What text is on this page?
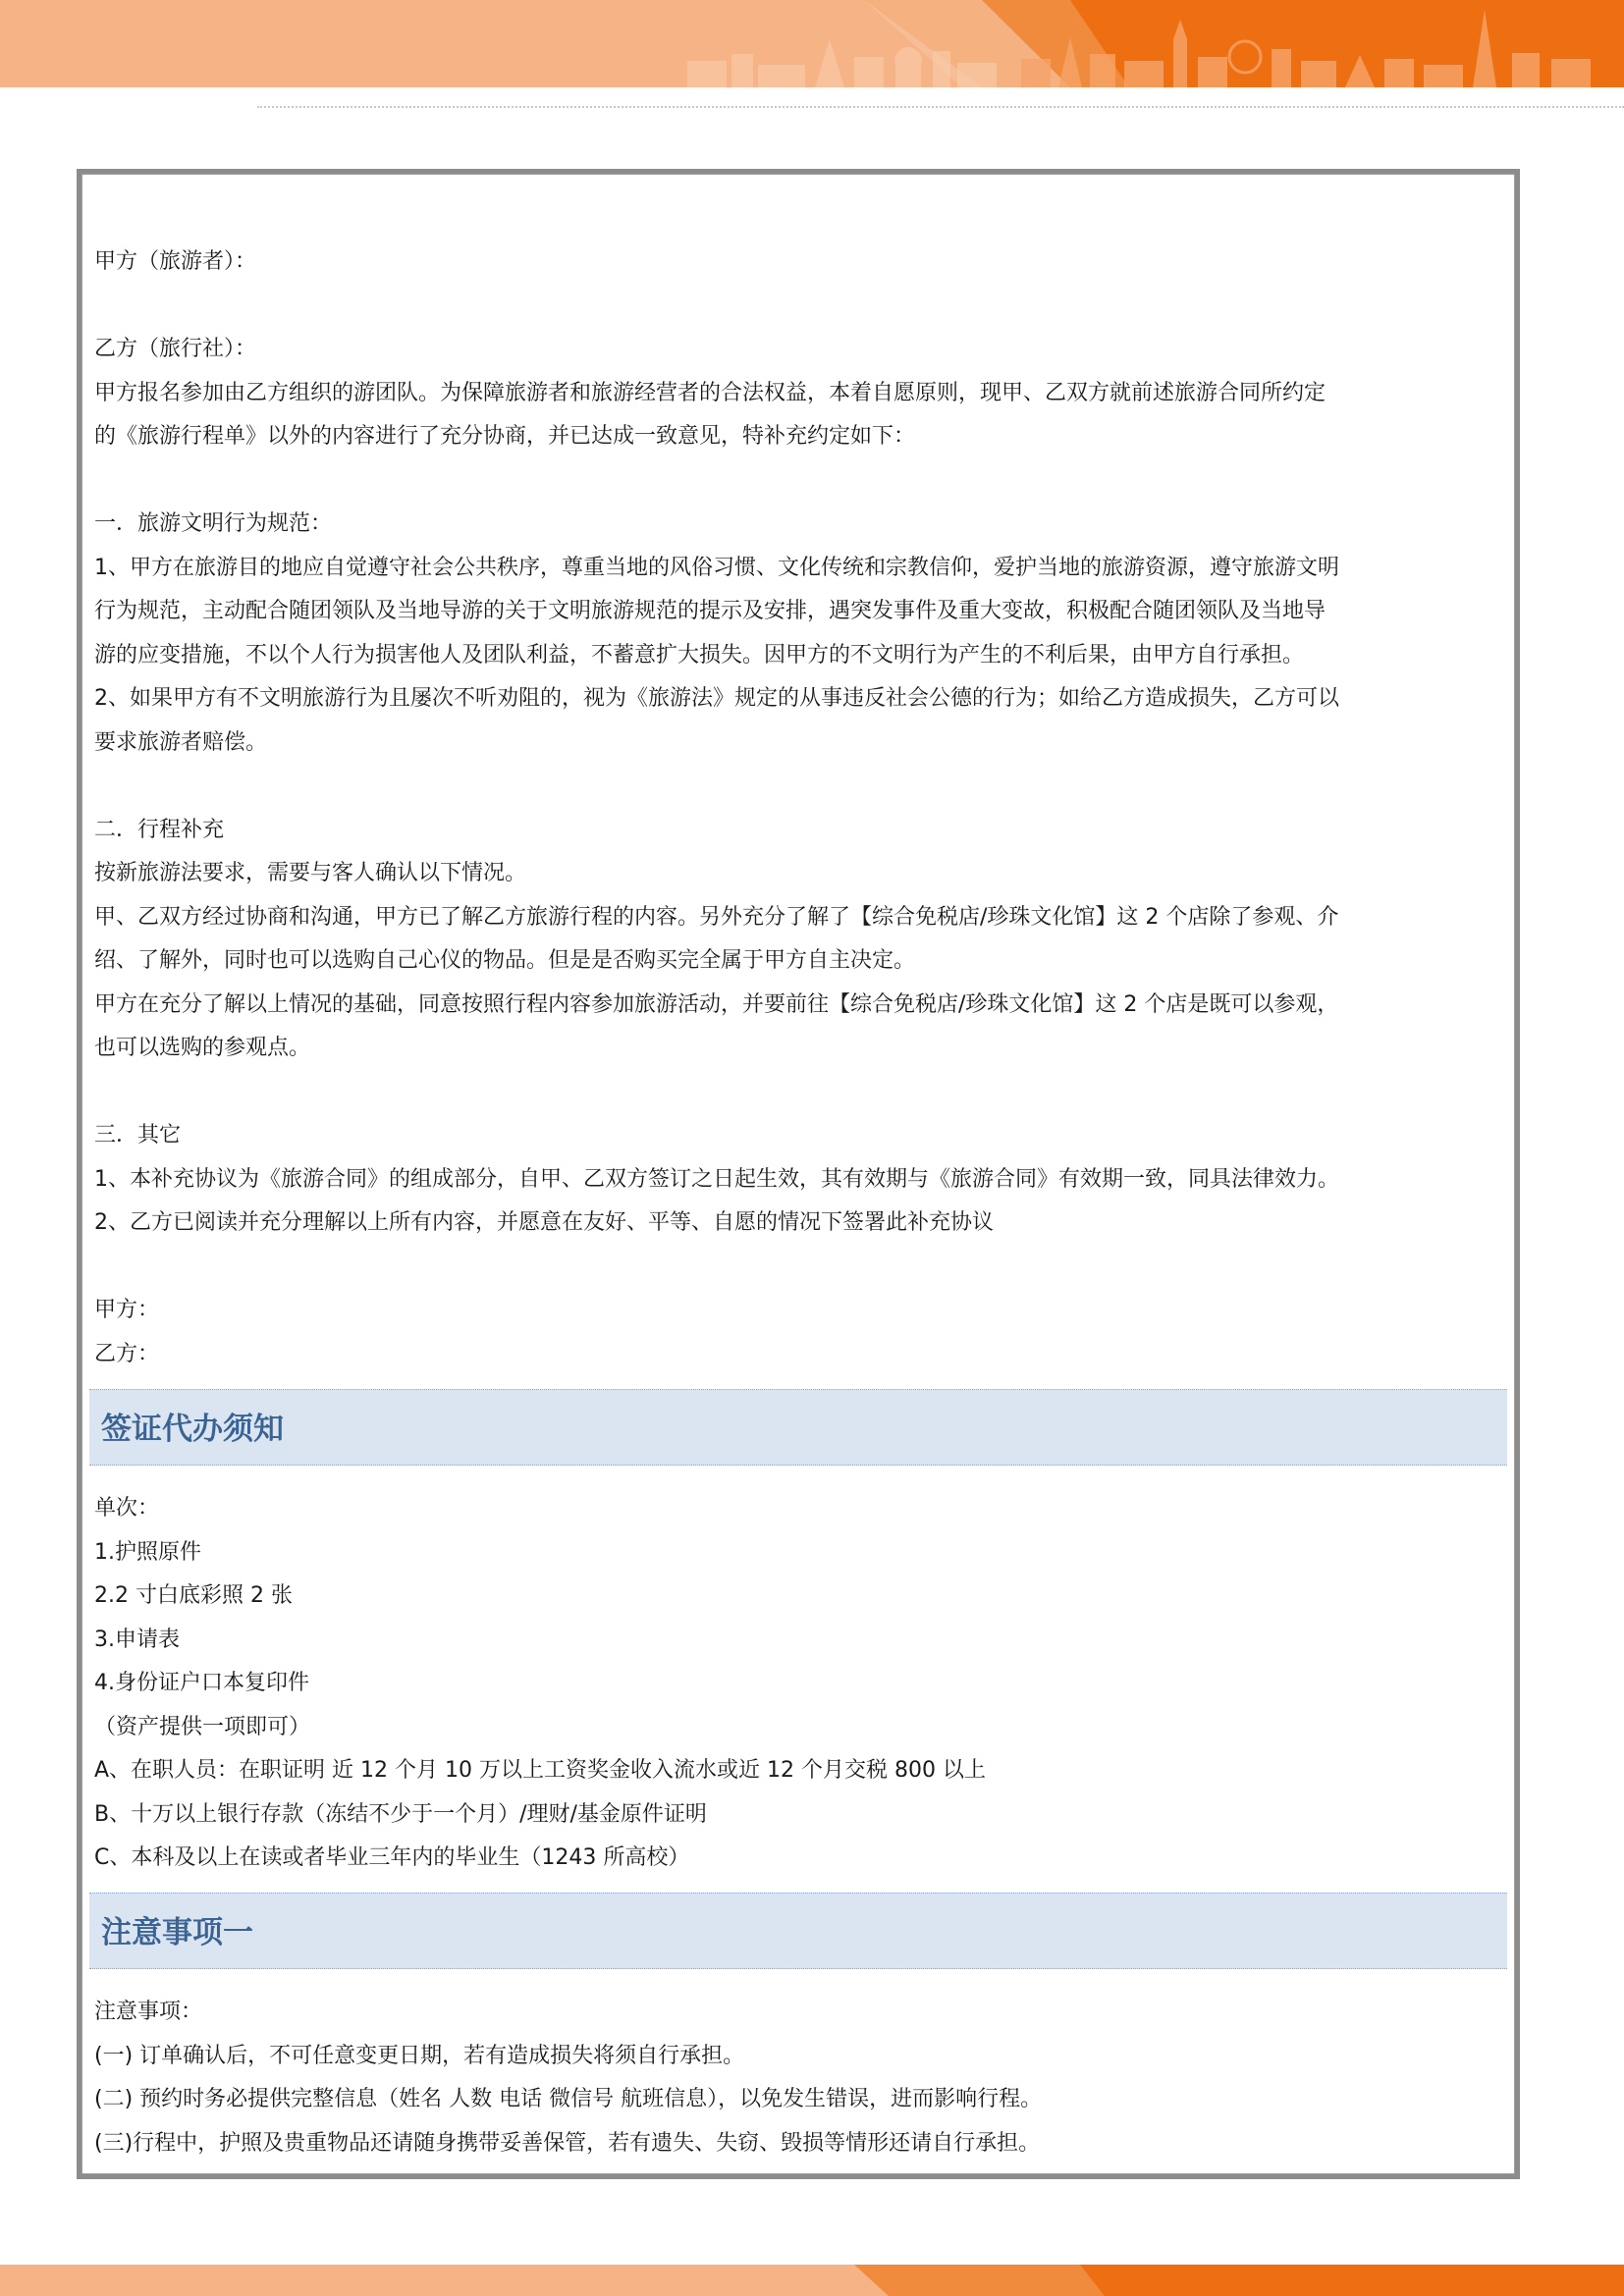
甲方（旅游者）：
乙方（旅行社）：
甲方报名参加由乙方组织的游团队。为保障旅游者和旅游经营者的合法权益，本着自愿原则，现甲、乙双方就前述旅游合同所约定
的《旅游行程单》以外的内容进行了充分协商，并已达成一致意见，特补充约定如下：
一．旅游文明行为规范：
1、甲方在旅游目的地应自觉遵守社会公共秩序，尊重当地的风俗习惯、文化传统和宗教信仰，爱护当地的旅游资源，遵守旅游文明
行为规范，主动配合随团领队及当地导游的关于文明旅游规范的提示及安排，遇突发事件及重大变故，积极配合随团领队及当地导
游的应变措施，不以个人行为损害他人及团队利益，不蓄意扩大损失。因甲方的不文明行为产生的不利后果，由甲方自行承担。
2、如果甲方有不文明旅游行为且屡次不听劝阻的，视为《旅游法》规定的从事违反社会公德的行为；如给乙方造成损失，乙方可以
要求旅游者赔偿。
二．行程补充
按新旅游法要求，需要与客人确认以下情况。
甲、乙双方经过协商和沟通，甲方已了解乙方旅游行程的内容。另外充分了解了【综合免税店/珍珠文化馆】这 2 个店除了参观、介
绍、了解外，同时也可以选购自己心仪的物品。但是是否购买完全属于甲方自主决定。
甲方在充分了解以上情况的基础，同意按照行程内容参加旅游活动，并要前往【综合免税店/珍珠文化馆】这 2 个店是既可以参观，
也可以选购的参观点。
三．其它
1、本补充协议为《旅游合同》的组成部分，自甲、乙双方签订之日起生效，其有效期与《旅游合同》有效期一致，同具法律效力。
2、乙方已阅读并充分理解以上所有内容，并愿意在友好、平等、自愿的情况下签署此补充协议
甲方：
乙方：
签证代办须知
单次：
1.护照原件
2.2 寸白底彩照 2 张
3.申请表
4.身份证户口本复印件
（资产提供一项即可）
A、在职人员：在职证明 近 12 个月 10 万以上工资奖金收入流水或近 12 个月交税 800 以上
B、十万以上银行存款（冻结不少于一个月）/理财/基金原件证明
C、本科及以上在读或者毕业三年内的毕业生（1243 所高校）
注意事项一
注意事项：
(一) 订单确认后，不可任意变更日期，若有造成损失将须自行承担。
(二) 预约时务必提供完整信息（姓名 人数 电话 微信号 航班信息），以免发生错误，进而影响行程。
(三)行程中，护照及贵重物品还请随身携带妥善保管，若有遗失、失窃、毁损等情形还请自行承担。
